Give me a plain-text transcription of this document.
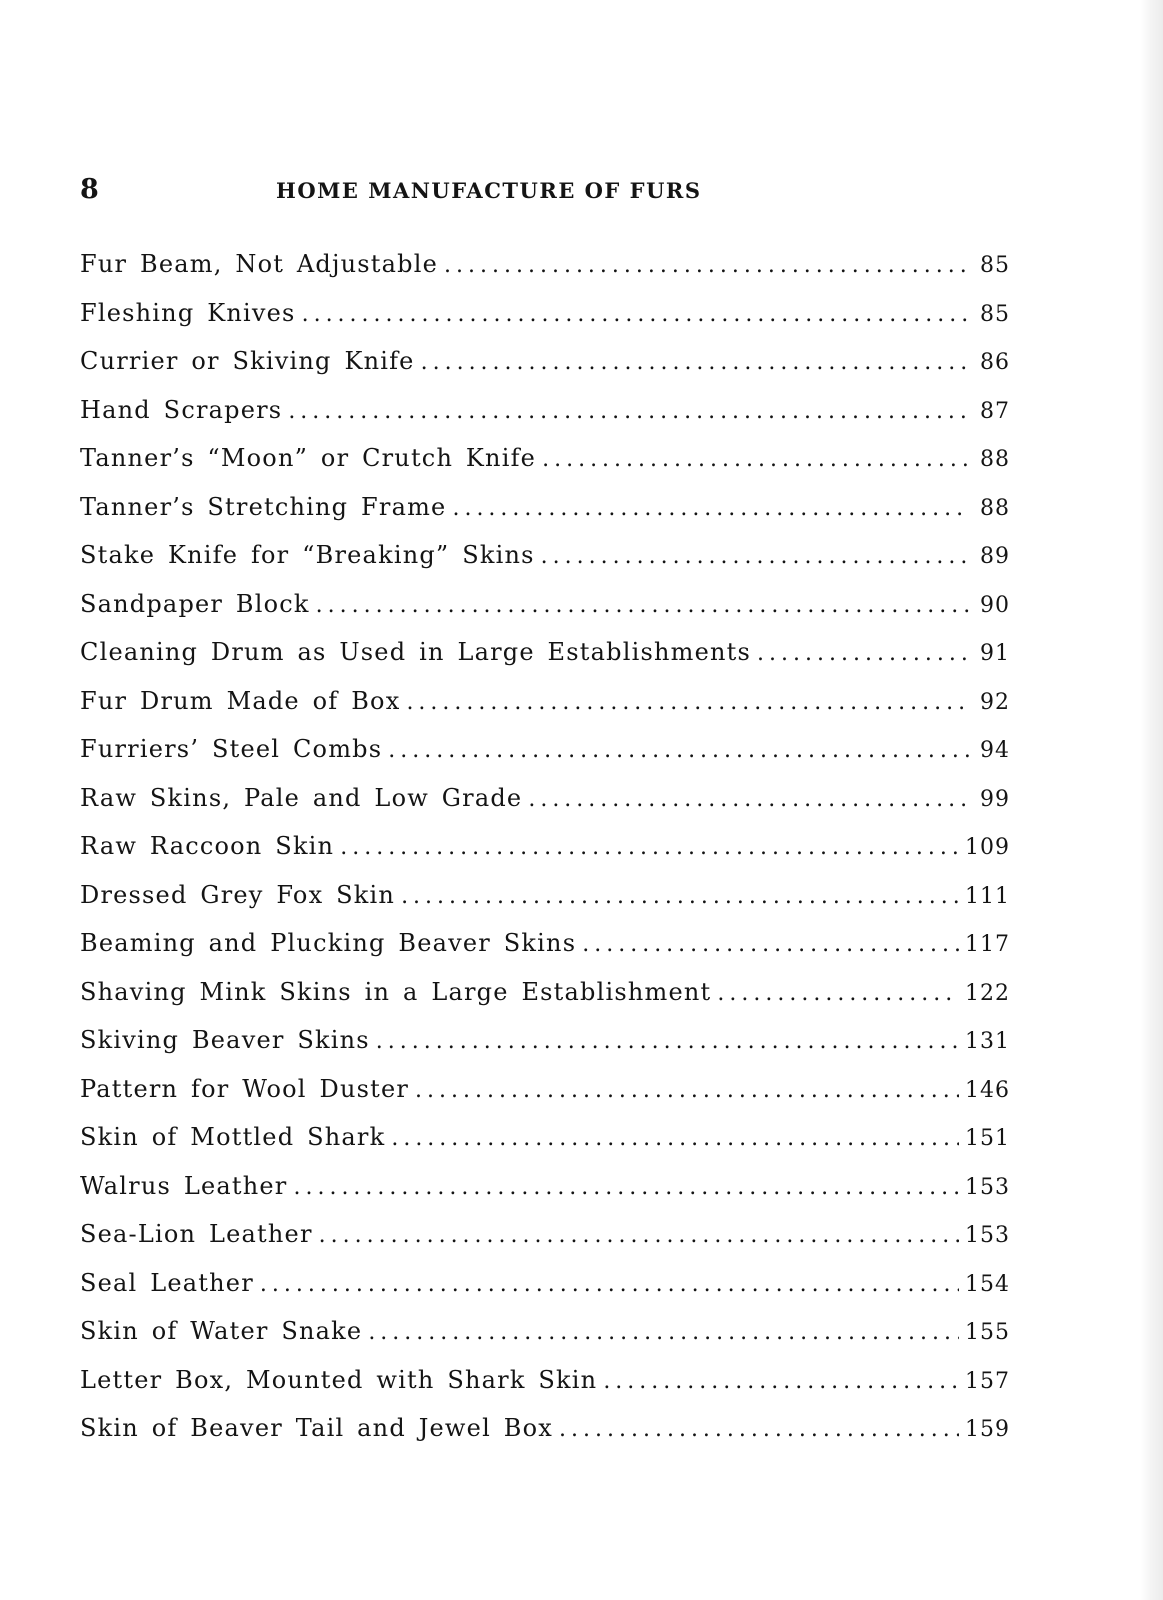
8	HOME MANUFACTURE OF FURS
Fur Beam, Not Adjustable .....	85
Fleshing Knives .....	85
Currier or Skiving Knife .....	86
Hand Scrapers .....	87
Tanner’s “Moon” or Crutch Knife .....	88
Tanner’s Stretching Frame .....	88
Stake Knife for “Breaking” Skins .....	89
Sandpaper Block .....	90
Cleaning Drum as Used in Large Establishments .....	91
Fur Drum Made of Box .....	92
Furriers’ Steel Combs .....	94
Raw Skins, Pale and Low Grade .....	99
Raw Raccoon Skin .....	109
Dressed Grey Fox Skin .....	111
Beaming and Plucking Beaver Skins .....	117
Shaving Mink Skins in a Large Establishment .....	122
Skiving Beaver Skins .....	131
Pattern for Wool Duster .....	146
Skin of Mottled Shark .....	151
Walrus Leather .....	153
Sea-Lion Leather .....	153
Seal Leather .....	154
Skin of Water Snake .....	155
Letter Box, Mounted with Shark Skin .....	157
Skin of Beaver Tail and Jewel Box .....	159
